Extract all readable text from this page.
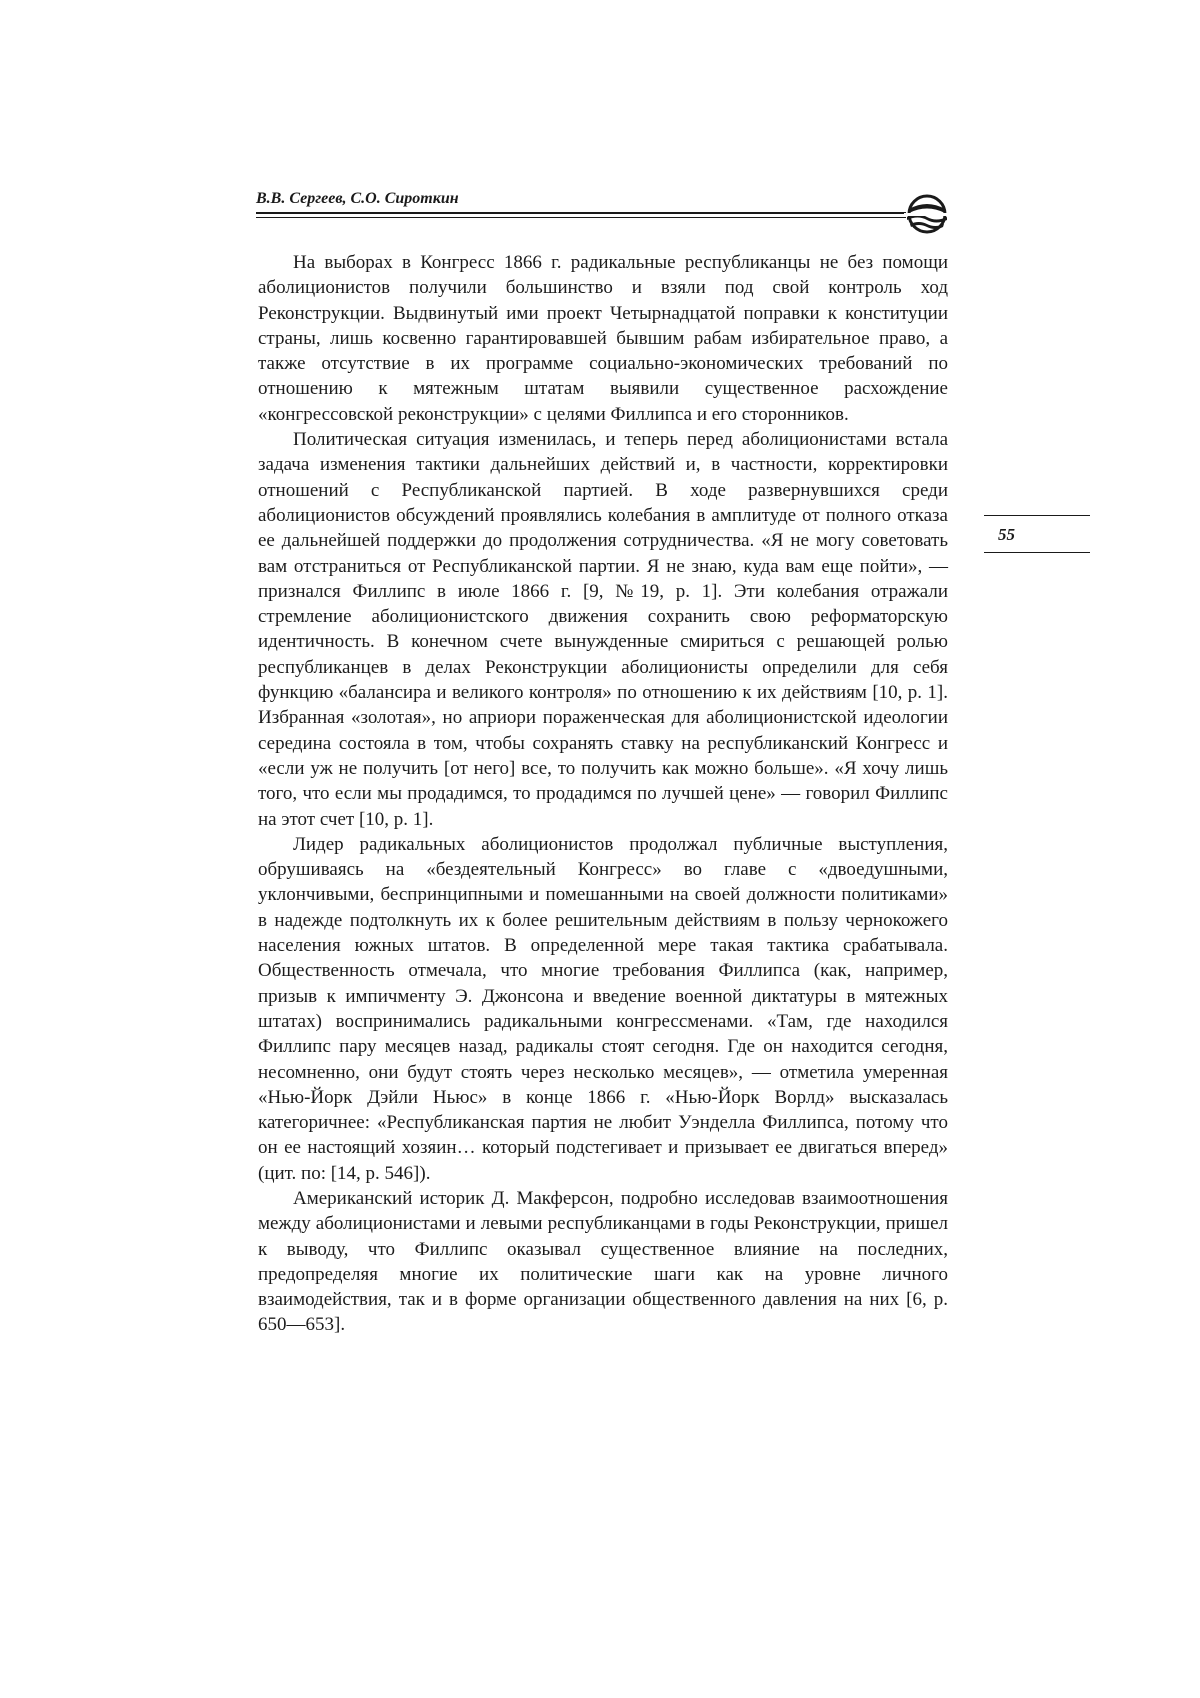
В.В. Сергеев, С.О. Сироткин
55

На выборах в Конгресс 1866 г. радикальные республиканцы не без помощи аболиционистов получили большинство и взяли под свой контроль ход Реконструкции. Выдвинутый ими проект Четырнадцатой поправки к конституции страны, лишь косвенно гарантировавшей бывшим рабам избирательное право, а также отсутствие в их программе социально-экономических требований по отношению к мятежным штатам выявили существенное расхождение «конгрессовской реконструкции» с целями Филлипса и его сторонников.

Политическая ситуация изменилась, и теперь перед аболиционистами встала задача изменения тактики дальнейших действий и, в частности, корректировки отношений с Республиканской партией. В ходе развернувшихся среди аболиционистов обсуждений проявлялись колебания в амплитуде от полного отказа ее дальнейшей поддержки до продолжения сотрудничества. «Я не могу советовать вам отстраниться от Республиканской партии. Я не знаю, куда вам еще пойти», — признался Филлипс в июле 1866 г. [9, №19, p. 1]. Эти колебания отражали стремление аболиционистского движения сохранить свою реформаторскую идентичность. В конечном счете вынужденные смириться с решающей ролью республиканцев в делах Реконструкции аболиционисты определили для себя функцию «балансира и великого контроля» по отношению к их действиям [10, p. 1]. Избранная «золотая», но априори пораженческая для аболиционистской идеологии середина состояла в том, чтобы сохранять ставку на республиканский Конгресс и «если уж не получить [от него] все, то получить как можно больше». «Я хочу лишь того, что если мы продадимся, то продадимся по лучшей цене» — говорил Филлипс на этот счет [10, p. 1].

Лидер радикальных аболиционистов продолжал публичные выступления, обрушиваясь на «бездеятельный Конгресс» во главе с «двоедушными, уклончивыми, беспринципными и помешанными на своей должности политиками» в надежде подтолкнуть их к более решительным действиям в пользу чернокожего населения южных штатов. В определенной мере такая тактика срабатывала. Общественность отмечала, что многие требования Филлипса (как, например, призыв к импичменту Э. Джонсона и введение военной диктатуры в мятежных штатах) воспринимались радикальными конгрессменами. «Там, где находился Филлипс пару месяцев назад, радикалы стоят сегодня. Где он находится сегодня, несомненно, они будут стоять через несколько месяцев», — отметила умеренная «Нью-Йорк Дэйли Ньюс» в конце 1866 г. «Нью-Йорк Ворлд» высказалась категоричнее: «Республиканская партия не любит Уэнделла Филлипса, потому что он ее настоящий хозяин… который подстегивает и призывает ее двигаться вперед» (цит. по: [14, p. 546]).

Американский историк Д. Макферсон, подробно исследовав взаимоотношения между аболиционистами и левыми республиканцами в годы Реконструкции, пришел к выводу, что Филлипс оказывал существенное влияние на последних, предопределяя многие их политические шаги как на уровне личного взаимодействия, так и в форме организации общественного давления на них [6, p. 650—653].
